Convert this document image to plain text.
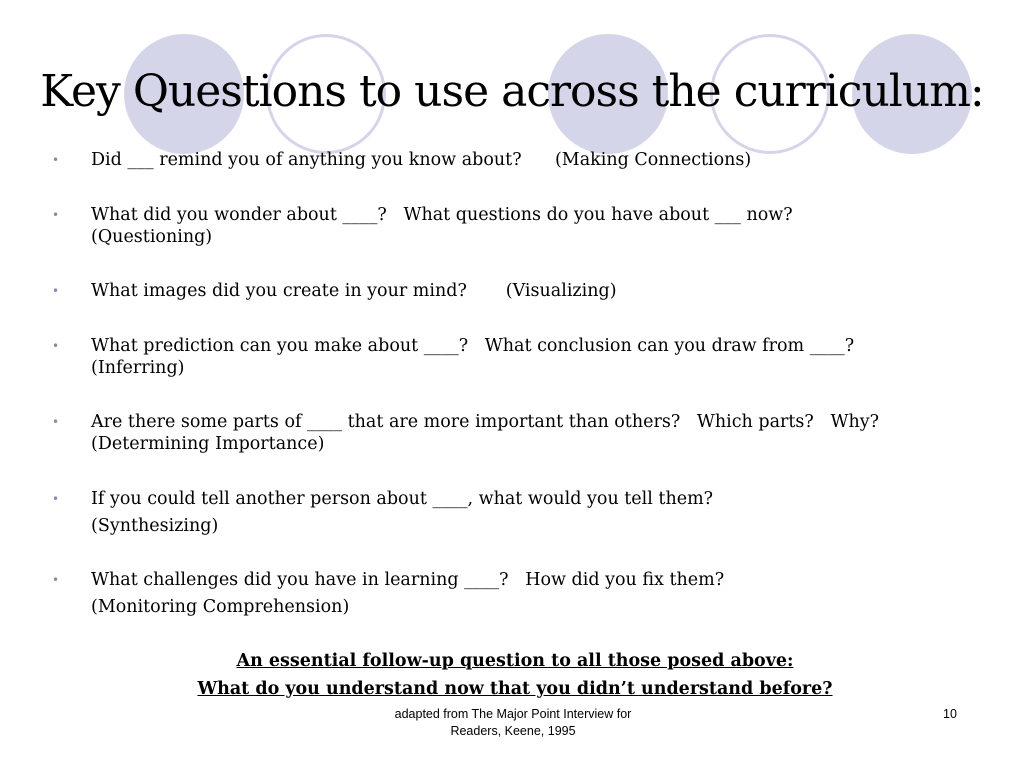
Key Questions to use across the curriculum:
• Did ___ remind you of anything you know about?      (Making Connections)
• What did you wonder about ____?   What questions do you have about ___ now?
(Questioning)
• What images did you create in your mind?       (Visualizing)
• What prediction can you make about ____?   What conclusion can you draw from ____?
(Inferring)
• Are there some parts of ____ that are more important than others?   Which parts?   Why?
(Determining Importance)
• If you could tell another person about ____, what would you tell them?
(Synthesizing)
• What challenges did you have in learning ____?   How did you fix them?
(Monitoring Comprehension)
An essential follow-up question to all those posed above:
What do you understand now that you didn’t understand before?
adapted from The Major Point Interview for
Readers, Keene, 1995
10
